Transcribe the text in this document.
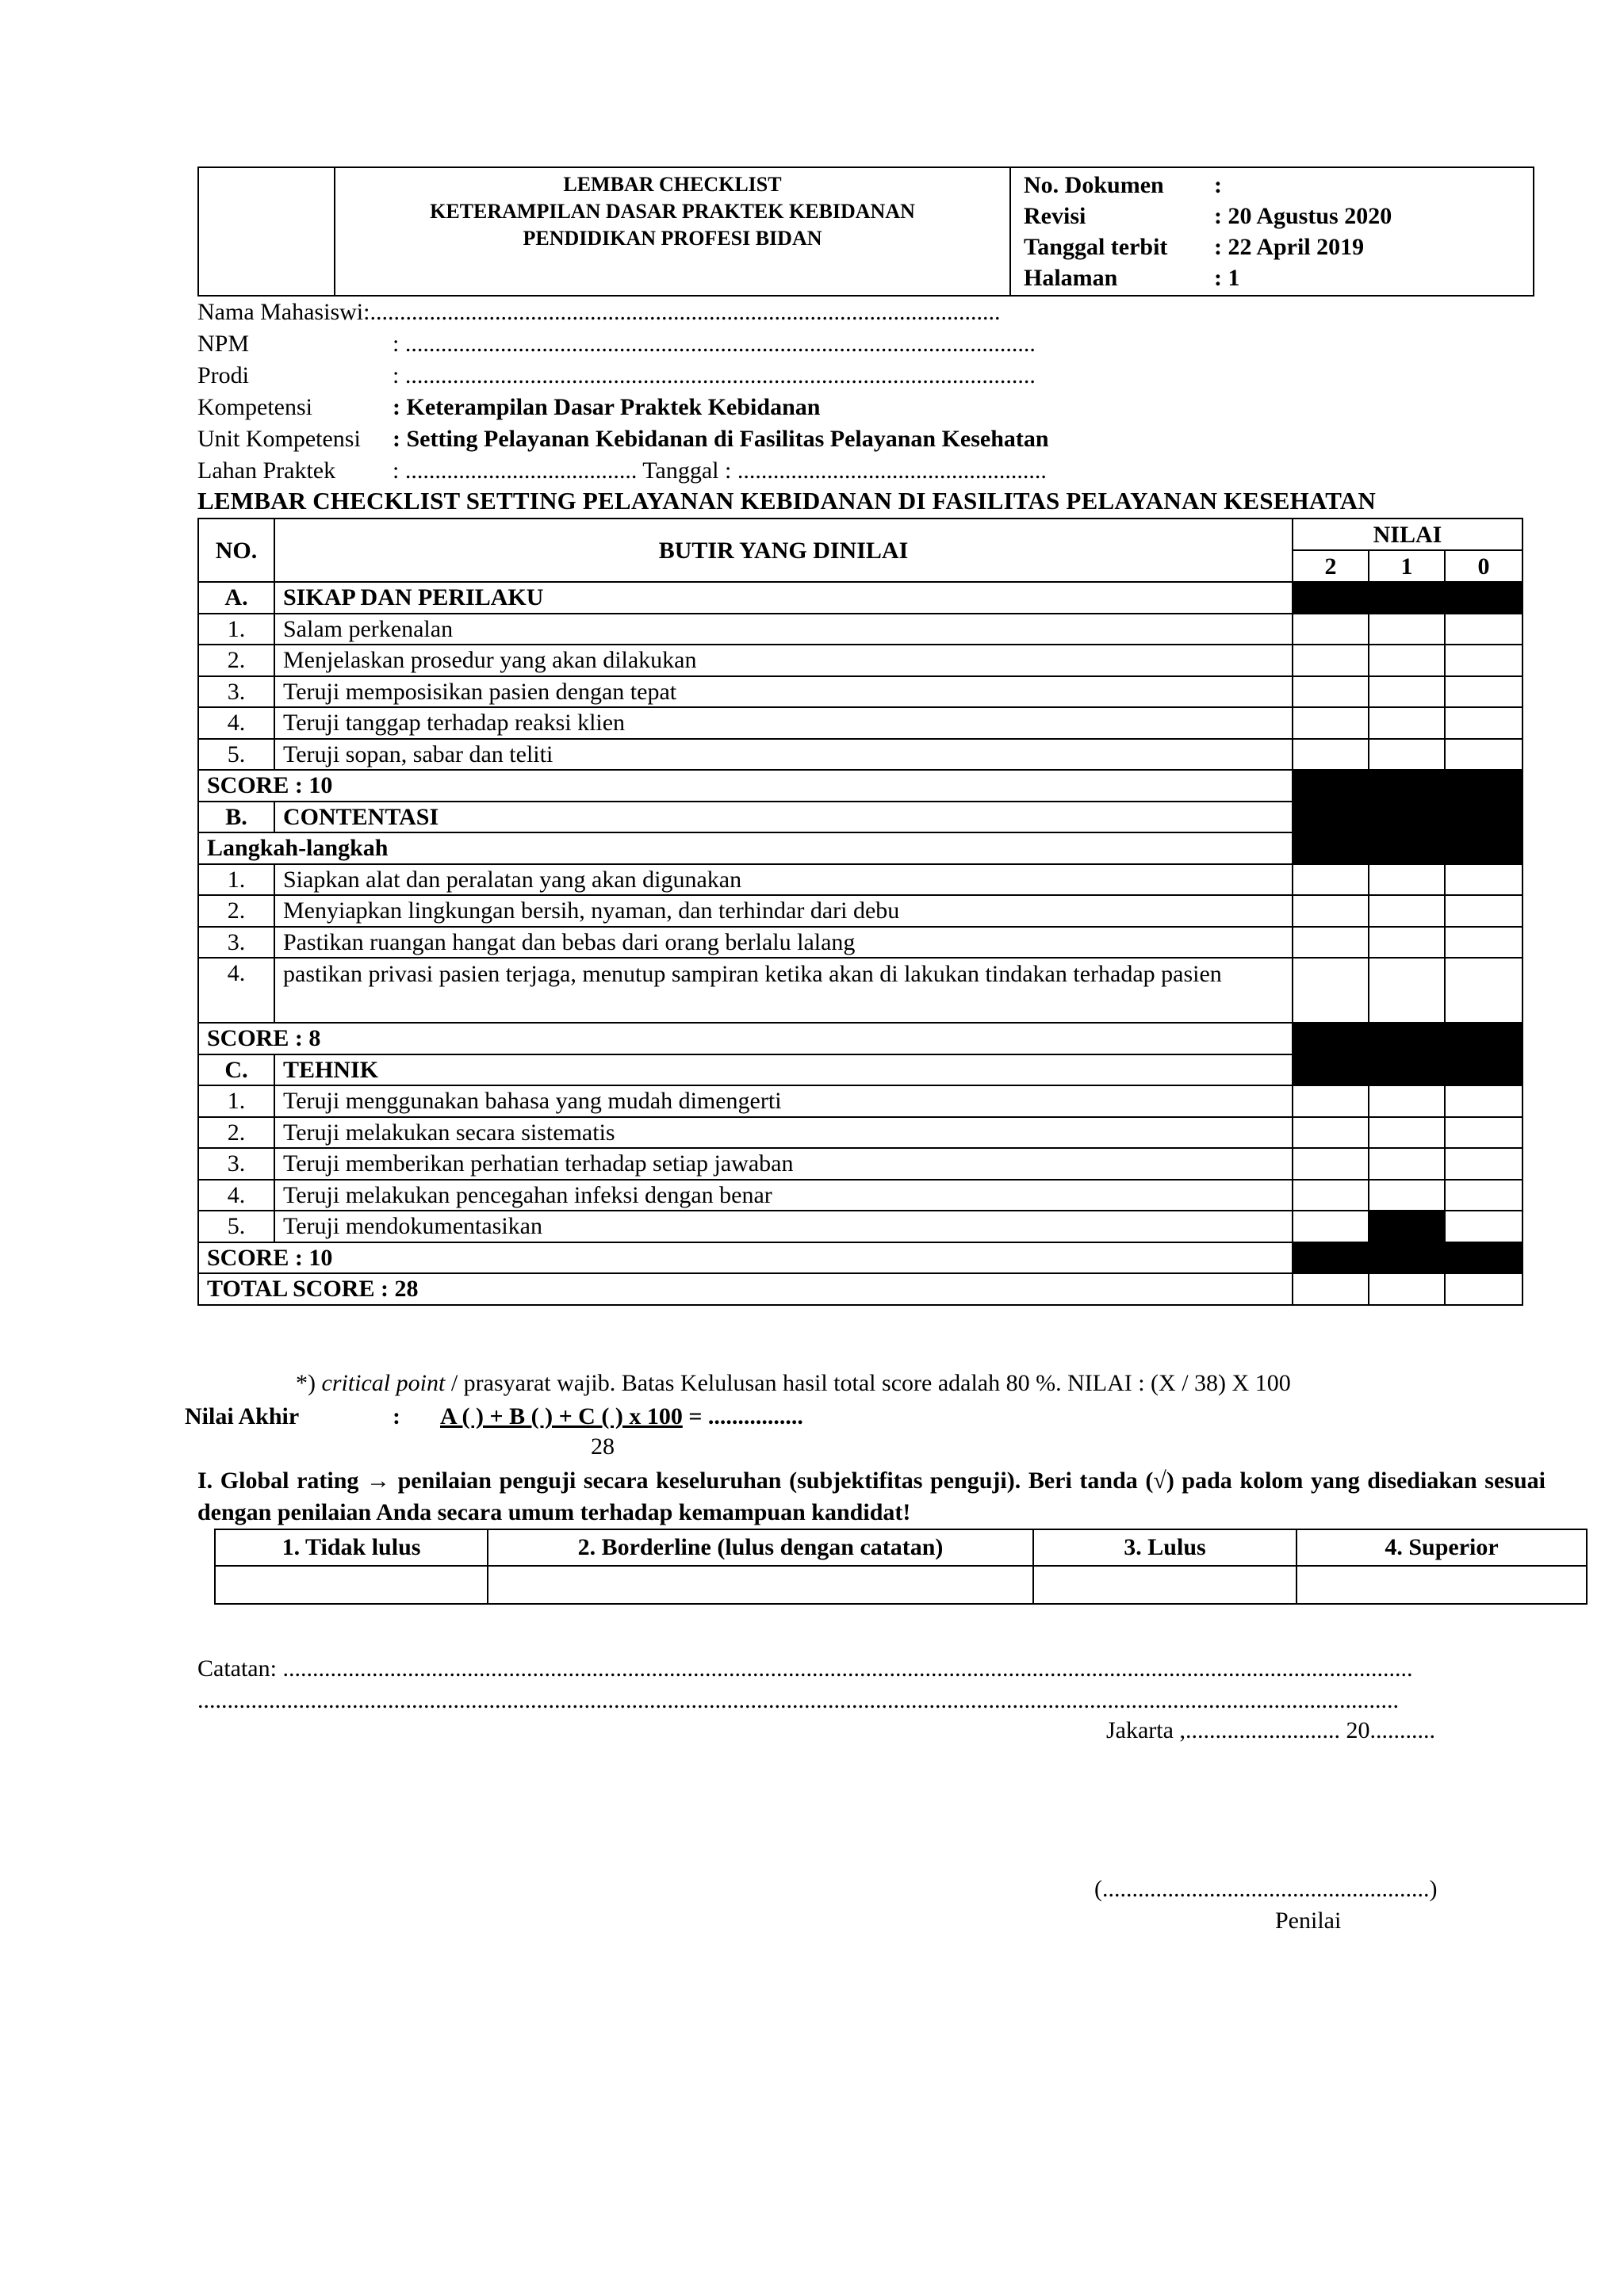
LEMBAR CHECKLIST
KETERAMPILAN DASAR PRAKTEK KEBIDANAN
PENDIDIKAN PROFESI BIDAN

No. Dokumen :
Revisi	: 20 Agustus 2020
Tanggal terbit : 22 April 2019
Halaman	: 1
Nama Mahasiswi:..........................................................................................................
NPM	: ..........................................................................................................
Prodi	: ..........................................................................................................
Kompetensi	: Keterampilan Dasar Praktek Kebidanan
Unit Kompetensi : Setting Pelayanan Kebidanan di Fasilitas Pelayanan Kesehatan
Lahan Praktek : ....................................... Tanggal : ....................................................
LEMBAR CHECKLIST SETTING PELAYANAN KEBIDANAN DI FASILITAS PELAYANAN KESEHATAN
NO.	BUTIR YANG DINILAI	NILAI		
		2	1	0
A.	SIKAP DAN PERILAKU			
1.	Salam perkenalan			
2.	Menjelaskan prosedur yang akan dilakukan			
3.	Teruji memposisikan pasien dengan tepat			
4.	Teruji tanggap terhadap reaksi klien			
5.	Teruji sopan, sabar dan teliti			
SCORE : 10				
B.	CONTENTASI			
Langkah-langkah				
1.	Siapkan alat dan peralatan yang akan digunakan			
2.	Menyiapkan lingkungan bersih, nyaman, dan terhindar dari debu			
3.	Pastikan ruangan hangat dan bebas dari orang berlalu lalang			
4.	pastikan privasi pasien terjaga, menutup sampiran ketika akan di lakukan tindakan terhadap pasien			
SCORE : 8				
C.	TEHNIK			
1.	Teruji menggunakan bahasa yang mudah dimengerti			
2.	Teruji melakukan secara sistematis			
3.	Teruji memberikan perhatian terhadap setiap jawaban			
4.	Teruji melakukan pencegahan infeksi dengan benar			
5.	Teruji mendokumentasikan			
SCORE : 10				
TOTAL SCORE : 28				
*) critical point / prasyarat wajib. Batas Kelulusan hasil total score adalah 80 %. NILAI : (X / 38) X 100
Nilai Akhir	: A ( ) + B ( ) + C ( ) x 100 = ................
28
I. Global rating → penilaian penguji secara keseluruhan (subjektifitas penguji). Beri tanda (√) pada kolom yang disediakan sesuai dengan penilaian Anda secara umum terhadap kemampuan kandidat!
1. Tidak lulus	2. Borderline (lulus dengan catatan)	3. Lulus	4. Superior

Catatan: ..............................................................................................................................................................................................
..........................................................................................................................................................................................................
Jakarta ,.......................... 20...........
(.......................................................)
Penilai
